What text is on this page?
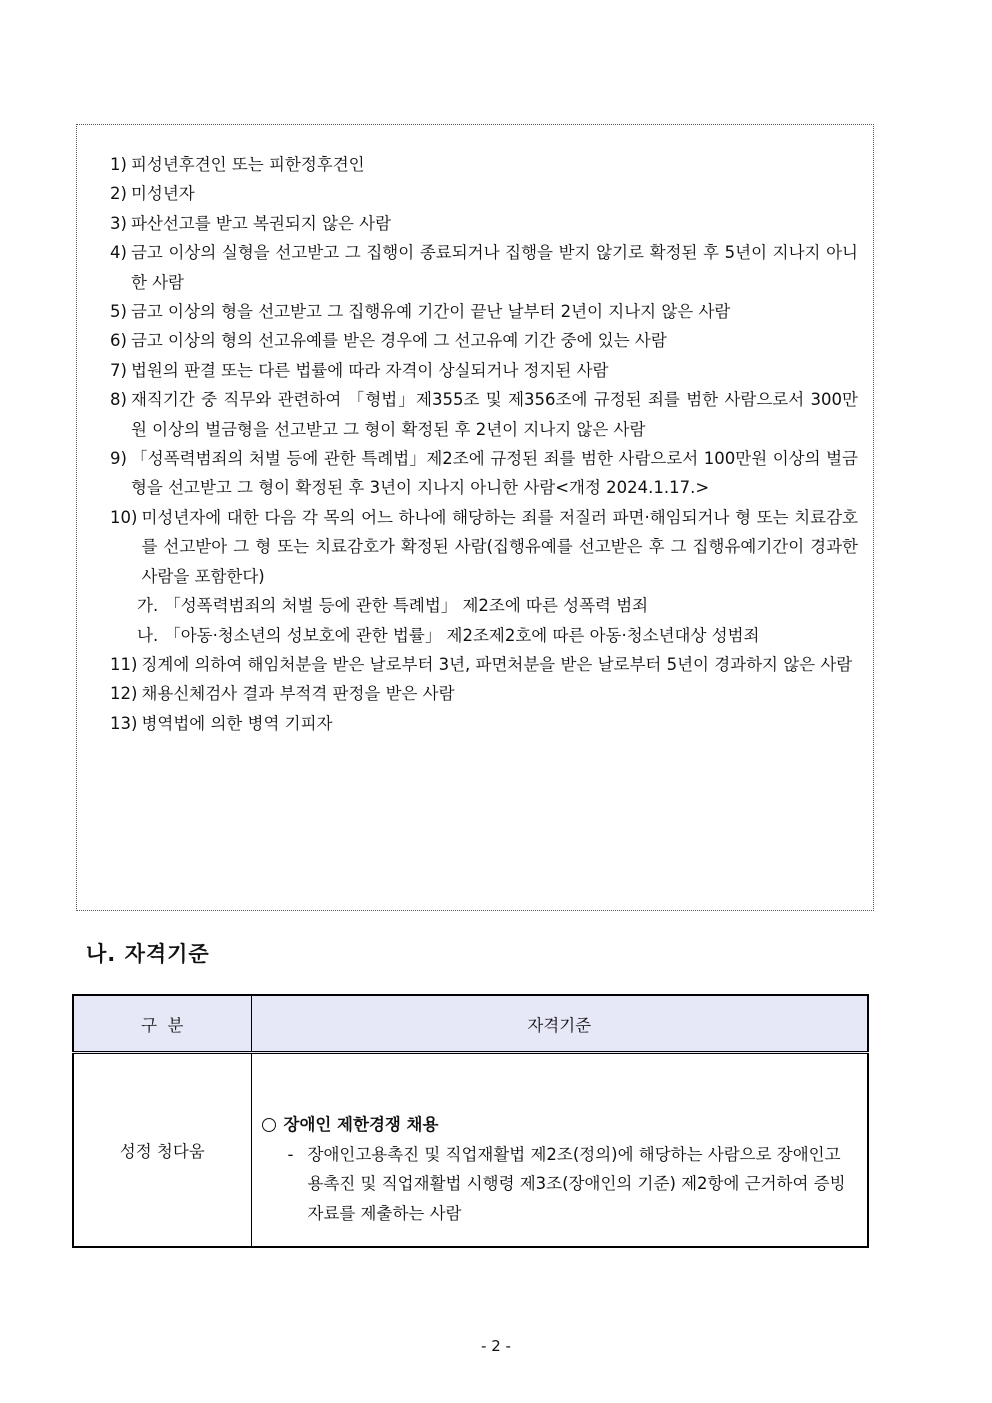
1) 피성년후견인 또는 피한정후견인
2) 미성년자
3) 파산선고를 받고 복권되지 않은 사람
4) 금고 이상의 실형을 선고받고 그 집행이 종료되거나 집행을 받지 않기로 확정된 후 5년이 지나지 아니한 사람
5) 금고 이상의 형을 선고받고 그 집행유예 기간이 끝난 날부터 2년이 지나지 않은 사람
6) 금고 이상의 형의 선고유예를 받은 경우에 그 선고유예 기간 중에 있는 사람
7) 법원의 판결 또는 다른 법률에 따라 자격이 상실되거나 정지된 사람
8) 재직기간 중 직무와 관련하여 「형법」제355조 및 제356조에 규정된 죄를 범한 사람으로서 300만원 이상의 벌금형을 선고받고 그 형이 확정된 후 2년이 지나지 않은 사람
9) 「성폭력범죄의 처벌 등에 관한 특례법」제2조에 규정된 죄를 범한 사람으로서 100만원 이상의 벌금형을 선고받고 그 형이 확정된 후 3년이 지나지 아니한 사람<개정 2024.1.17.>
10) 미성년자에 대한 다음 각 목의 어느 하나에 해당하는 죄를 저질러 파면·해임되거나 형 또는 치료감호를 선고받아 그 형 또는 치료감호가 확정된 사람(집행유예를 선고받은 후 그 집행유예기간이 경과한 사람을 포함한다)
가. 「성폭력범죄의 처벌 등에 관한 특례법」 제2조에 따른 성폭력 범죄
나. 「아동·청소년의 성보호에 관한 법률」 제2조제2호에 따른 아동·청소년대상 성범죄
11) 징계에 의하여 해임처분을 받은 날로부터 3년, 파면처분을 받은 날로부터 5년이 경과하지 않은 사람
12) 채용신체검사 결과 부적격 판정을 받은 사람
13) 병역법에 의한 병역 기피자
나. 자격기준
구  분	자격기준
성정 청다움	장애인 제한경쟁 채용
- 장애인고용촉진 및 직업재활법 제2조(정의)에 해당하는 사람으로 장애인고용촉진 및 직업재활법 시행령 제3조(장애인의 기준) 제2항에 근거하여 증빙자료를 제출하는 사람
- 2 -
